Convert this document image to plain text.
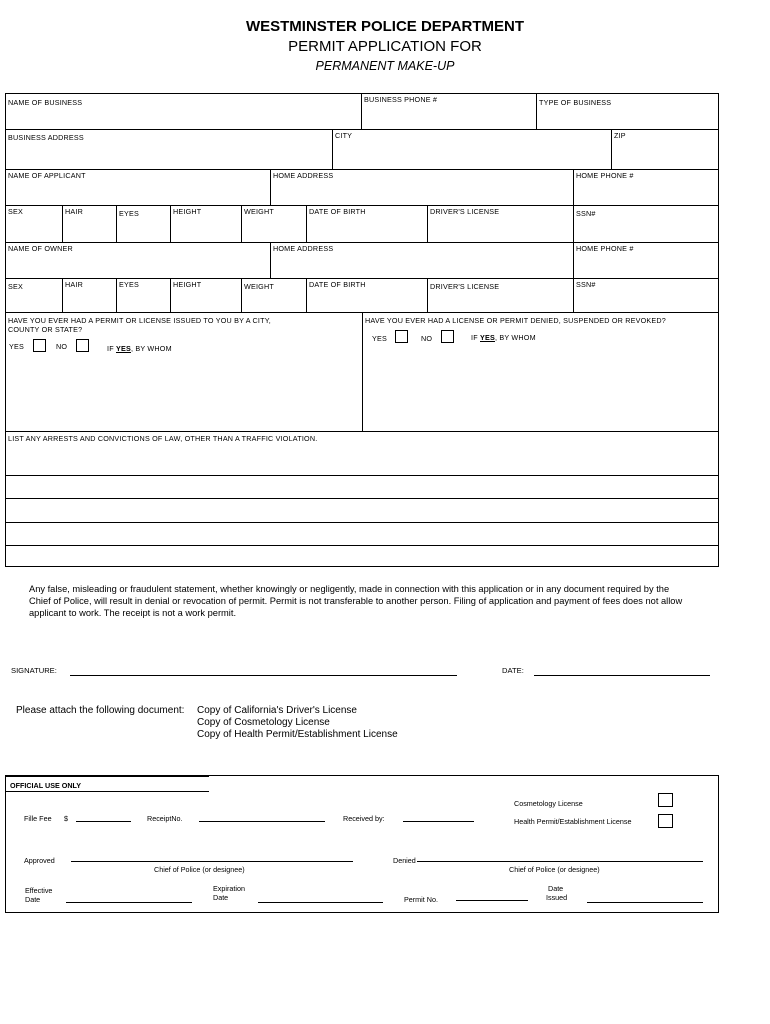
WESTMINSTER POLICE DEPARTMENT
PERMIT APPLICATION FOR
PERMANENT MAKE-UP
NAME OF BUSINESS	BUSINESS PHONE #	TYPE OF BUSINESS
BUSINESS ADDRESS	CITY	ZIP
NAME OF APPLICANT	HOME ADDRESS	HOME PHONE #
SEX	HAIR	EYES	HEIGHT	WEIGHT	DATE OF BIRTH	DRIVER'S LICENSE	SSN#
NAME OF OWNER	HOME ADDRESS	HOME PHONE #
SEX	HAIR	EYES	HEIGHT	WEIGHT	DATE OF BIRTH	DRIVER'S LICENSE	SSN#
HAVE YOU EVER HAD A PERMIT OR LICENSE ISSUED TO YOU BY A CITY,
COUNTY OR STATE?
YES	NO	IF YES, BY WHOM
HAVE YOU EVER HAD A LICENSE OR PERMIT DENIED, SUSPENDED OR REVOKED?
YES	NO	IF YES, BY WHOM
LIST ANY ARRESTS AND CONVICTIONS OF LAW, OTHER THAN A TRAFFIC VIOLATION.
Any false, misleading or fraudulent statement, whether knowingly or negligently, made in connection with this application or in any document required by the Chief of Police, will result in denial or revocation of permit. Permit is not transferable to another person. Filing of application and payment of fees does not allow applicant to work. The receipt is not a work permit.
SIGNATURE:	DATE:
Please attach the following document: Copy of California's Driver's License
Copy of Cosmetology License
Copy of Health Permit/Establishment License
OFFICIAL USE ONLY
Cosmetology License
Health Permit/Establishment License
Fille Fee $	ReceiptNo.	Received by:
Approved
Chief of Police (or designee)
Denied
Chief of Police (or designee)
Effective
Date
Expiration
Date	Permit No.
Date
Issued
